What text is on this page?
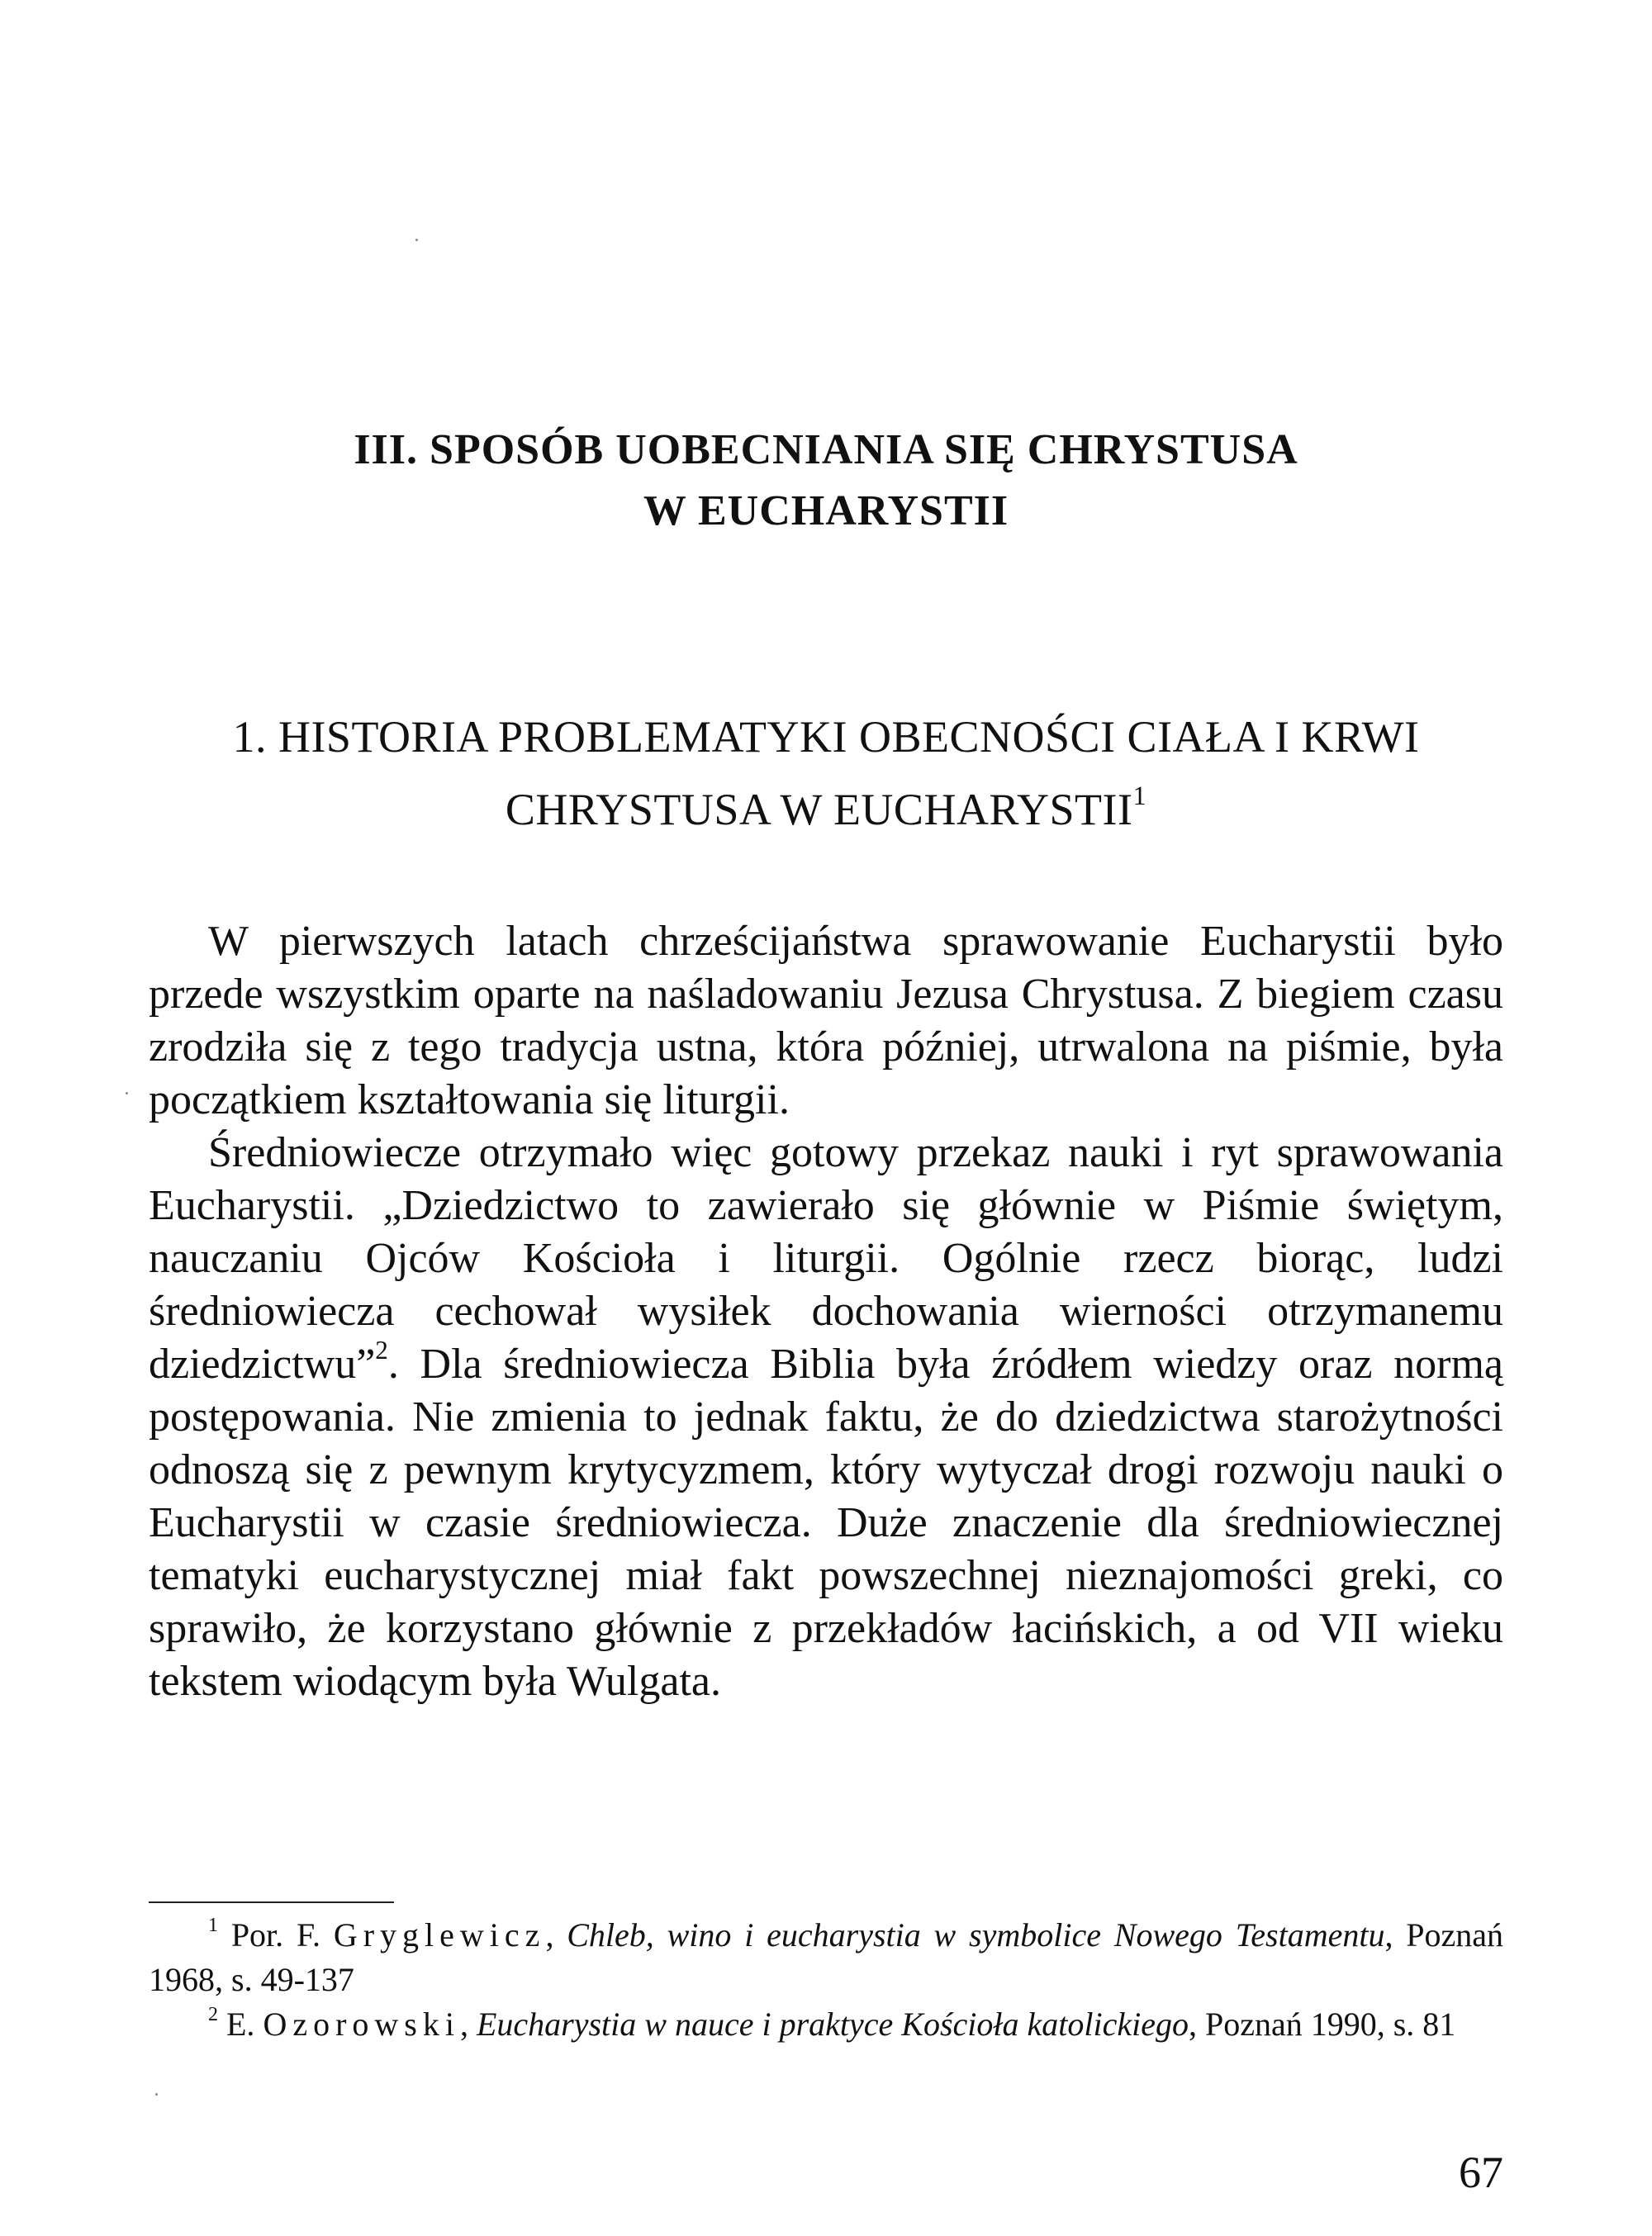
III. SPOSÓB UOBECNIANIA SIĘ CHRYSTUSA
W EUCHARYSTII
1. HISTORIA PROBLEMATYKI OBECNOŚCI CIAŁA I KRWI
CHRYSTUSA W EUCHARYSTII$^1$

W pierwszych latach chrześcijaństwa sprawowanie Eucharystii było przede wszystkim oparte na naśladowaniu Jezusa Chrystusa. Z biegiem czasu zrodziła się z tego tradycja ustna, która później, utrwalona na piśmie, była początkiem kształtowania się liturgii.

Średniowiecze otrzymało więc gotowy przekaz nauki i ryt sprawowania Eucharystii. „Dziedzictwo to zawierało się głównie w Piśmie świętym, nauczaniu Ojców Kościoła i liturgii. Ogólnie rzecz biorąc, ludzi średniowiecza cechował wysiłek dochowania wierności otrzymanemu dziedzictwu”$^2$. Dla średniowiecza Biblia była źródłem wiedzy oraz normą postępowania. Nie zmienia to jednak faktu, że do dziedzictwa starożytności odnoszą się z pewnym krytycyzmem, który wytyczał drogi rozwoju nauki o Eucharystii w czasie średniowiecza. Duże znaczenie dla średniowiecznej tematyki eucharystycznej miał fakt powszechnej nieznajomości greki, co sprawiło, że korzystano głównie z przekładów łacińskich, a od VII wieku tekstem wiodącym była Wulgata.

$^1$ Por. F. Gryglewicz, Chleb, wino i eucharystia w symbolice Nowego Testamentu, Poznań 1968, s. 49-137

$^2$ E. Ozorowski, Eucharystia w nauce i praktyce Kościoła katolickiego, Poznań 1990, s. 81

67
